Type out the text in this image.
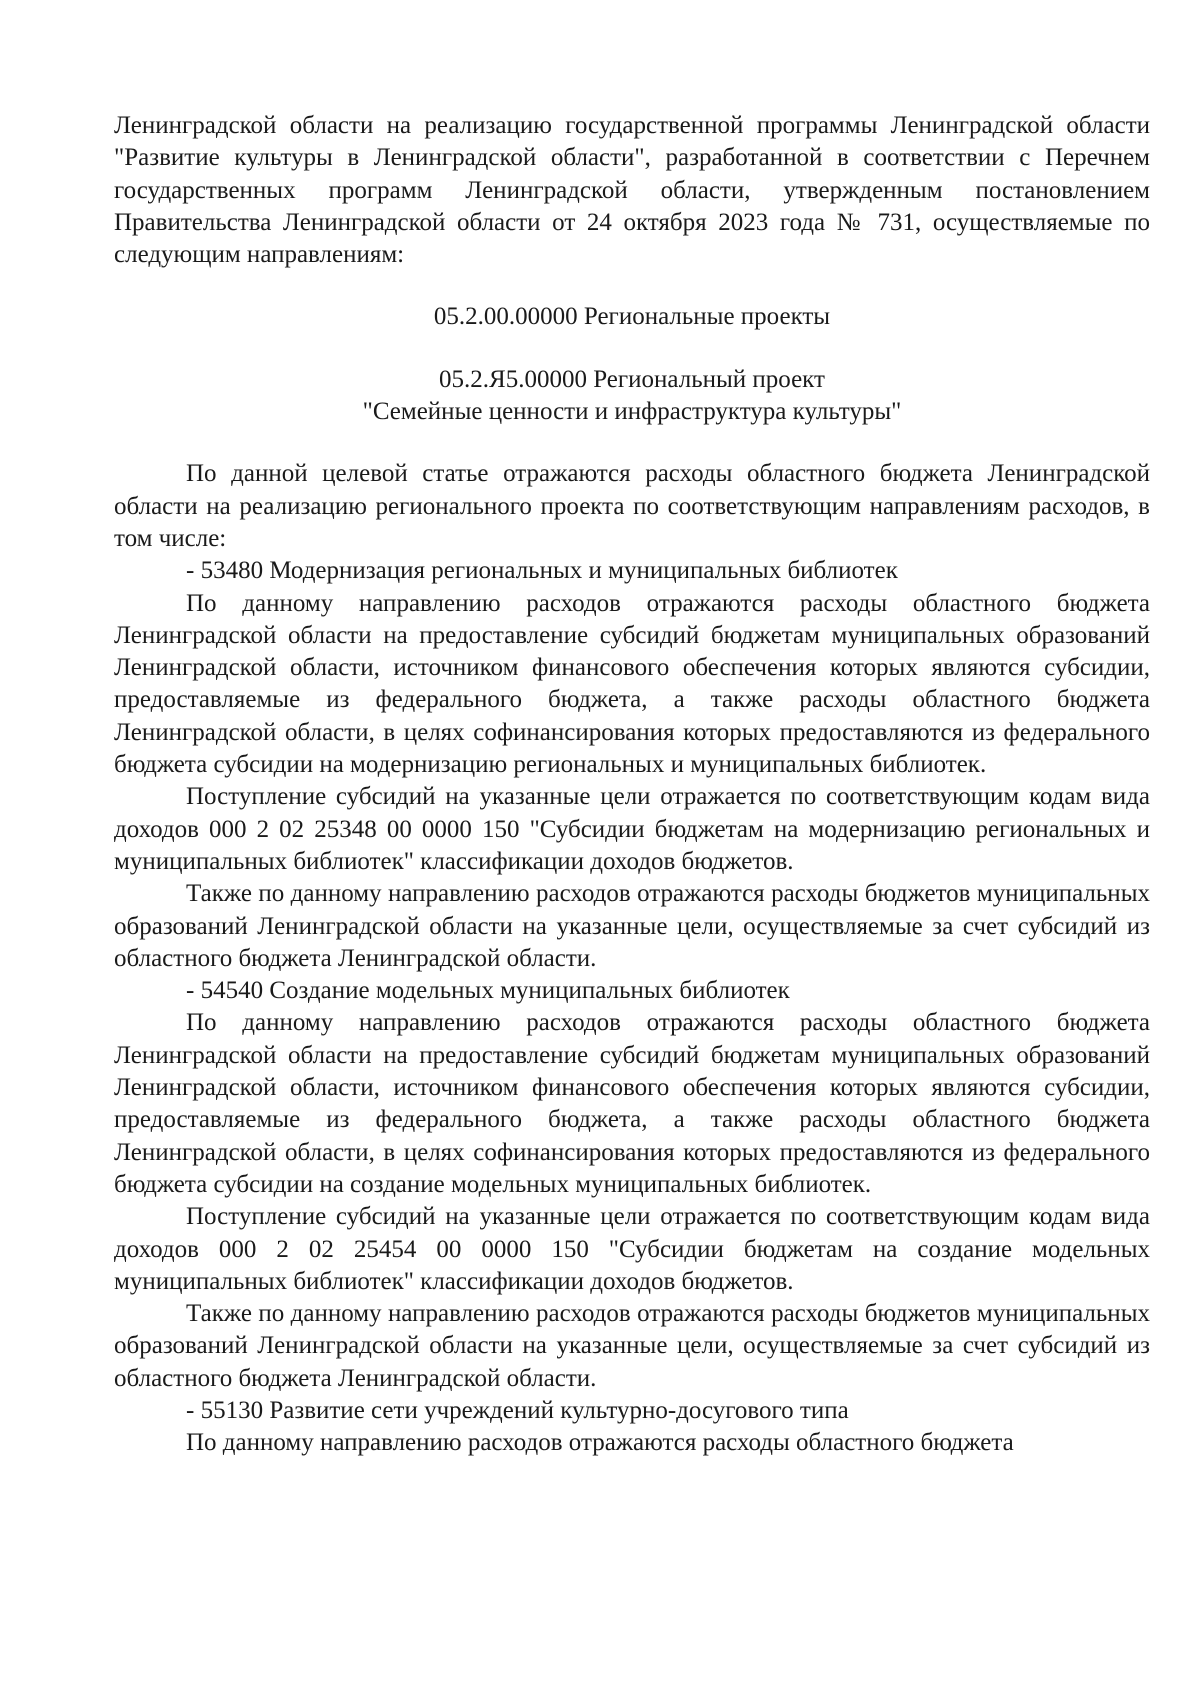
Ленинградской области на реализацию государственной программы Ленинградской области "Развитие культуры в Ленинградской области", разработанной в соответствии с Перечнем государственных программ Ленинградской области, утвержденным постановлением Правительства Ленинградской области от 24 октября 2023 года № 731, осуществляемые по следующим направлениям:

05.2.00.00000 Региональные проекты

05.2.Я5.00000 Региональный проект
"Семейные ценности и инфраструктура культуры"

По данной целевой статье отражаются расходы областного бюджета Ленинградской области на реализацию регионального проекта по соответствующим направлениям расходов, в том числе:

- 53480 Модернизация региональных и муниципальных библиотек

По данному направлению расходов отражаются расходы областного бюджета Ленинградской области на предоставление субсидий бюджетам муниципальных образований Ленинградской области, источником финансового обеспечения которых являются субсидии, предоставляемые из федерального бюджета, а также расходы областного бюджета Ленинградской области, в целях софинансирования которых предоставляются из федерального бюджета субсидии на модернизацию региональных и муниципальных библиотек.

Поступление субсидий на указанные цели отражается по соответствующим кодам вида доходов 000 2 02 25348 00 0000 150 "Субсидии бюджетам на модернизацию региональных и муниципальных библиотек" классификации доходов бюджетов.

Также по данному направлению расходов отражаются расходы бюджетов муниципальных образований Ленинградской области на указанные цели, осуществляемые за счет субсидий из областного бюджета Ленинградской области.

- 54540 Создание модельных муниципальных библиотек

По данному направлению расходов отражаются расходы областного бюджета Ленинградской области на предоставление субсидий бюджетам муниципальных образований Ленинградской области, источником финансового обеспечения которых являются субсидии, предоставляемые из федерального бюджета, а также расходы областного бюджета Ленинградской области, в целях софинансирования которых предоставляются из федерального бюджета субсидии на создание модельных муниципальных библиотек.

Поступление субсидий на указанные цели отражается по соответствующим кодам вида доходов 000 2 02 25454 00 0000 150 "Субсидии бюджетам на создание модельных муниципальных библиотек" классификации доходов бюджетов.

Также по данному направлению расходов отражаются расходы бюджетов муниципальных образований Ленинградской области на указанные цели, осуществляемые за счет субсидий из областного бюджета Ленинградской области.

- 55130 Развитие сети учреждений культурно-досугового типа

По данному направлению расходов отражаются расходы областного бюджета
